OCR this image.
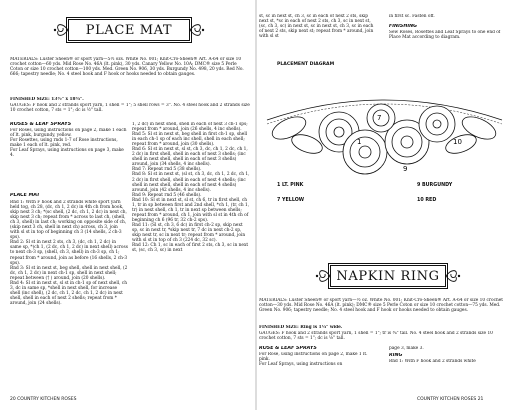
PLACE MAT
MATERIALS: Luster Sheen® or sport yarn—5½ ozs. White No. 001; Knit-Cro-Sheen® Art. A-64 or size 10 crochet cotton—60 yds. Mid Rose No. 46A (lt. pink), 30 yds. Canary Yellow No. 10A; DMC® size 5 Perle Coton or size 10 crochet cotton—100 yds. Med. Green No. 906, 30 yds. Burgundy No. 498, 20 yds. Red No. 666; tapestry needle; No. 4 steel hook and F hook or hooks needed to obtain gauges.
FINISHED SIZE: 13½" x 18¾".
GAUGES: F hook and 2 strands sport yarn, 1 shell = 1"; 5 shell rows = 3". No. 4 steel hook and 2 strands size 10 crochet cotton, 7 sts = 1"; dc is ½" tall.
ROSES & LEAF SPRAYS
For Roses, using instructions on page 2, make 1 each of lt. pink, burgundy, yellow.
For Rosettes, using rnds 1-7 of Rose instructions, make 1 each of lt. pink, red.
For Leaf Sprays, using instructions on page 3, make 4.
PLACE MAT
Rnd 1: With F hook and 2 strands white sport yarn held tog, ch 28, (dc, ch 1, 2 dc) in 4th ch from hook, skip next 3 ch; *(sc shell, (2 dc, ch 1, 2 dc) in next ch, skip next 3 ch; repeat from * across to last ch, (shell, ch 3, shell) in last ch; working on opposite side of ch, (skip next 3 ch, shell in next ch) across, ch 3, join with sl st in top of beginning ch 3 (14 shells, 2 ch-3 sps).
Rnd 2: Sl st in next 2 sts, ch 3, (dc, ch 1, 2 dc) in same sp, *(ch 1, (2 dc, ch 1, 2 dc) in next shell) across to next ch-3 sp, (shell, ch 3, shell) in ch-3 sp, ch 1; repeat from * around, join as before (16 shells, 2 ch-3 sps).
Rnd 3: Sl st in next st, beg shell, shell in next shell, (2 dc, ch 1, 2 dc) in next ch-1 sp, shell in next shell; repeat between († ) around, join (20 shells).
Rnd 4: Sl st in next st, sl st in ch-1 sp of next shell, ch 3, dc in same sp, *shell in next shell, for increase shell (inc shell), (2 dc, ch 1, 2 dc, ch 1, 2 dc) in next shell, shell in each of next 2 shells; repeat from * around, join (24 shells).
1, 2 dc) in next shell, shell in each of next 3 ch-1 sps; repeat from * around, join (26 shells, 4 inc shells).
Rnd 5: Sl st in next st, beg shell in first ch-1 sp, shell in each ch-1 sp of each inc shell, shell in each shell; repeat from * around, join (30 shells).
Rnd 6: Sl st in next st, sl st, ch 3, dc, ch 1, 2 dc, ch 1, 2 dc) in first shell, shell in each of next 3 shells; (inc shell in next shell, shell in each of next 3 shells) around, join (34 shells, 4 inc shells).
Rnd 7: Repeat rnd 5 (38 shells).
Rnd 8: Sl st in next st, (sl st, ch 3, dc, ch 1, 2 dc, ch 1, 2 dc) in first shell, shell in each of next 4 shells; (inc shell in next shell, shell in each of next 4 shells) around, join (42 shells, 4 inc shells).
Rnd 9: Repeat rnd 5 (46 shells).
Rnd 10: Sl st in next st, sl st, ch 6, tr in first shell, ch 1, tr in sp between first and 2nd shell, *ch 1, (tr, ch 1, tr) in next shell, ch 1, tr in next sp between shells; repeat from * around, ch 1, join with sl st in 4th ch of beginning ch 6 (96 tr, 32 ch-2 sps).
Rnd 11: (Sl st, ch 3, 6 dc) in first ch-2 sp, skip next sp, sc in next tr, *skip next tr, 7 dc in next ch-2 sp, skip next tr, sc in next tr; repeat from * around, join with sl st in top of ch 3 (224 dc, 32 sc).
Rnd 12: Ch 1, sc in each of first 2 sts, ch 3, sc in next st, (sc, ch 3, sc) in next
20 COUNTRY KITCHEN ROSES
st, sc in next st, ch 3, sc in each of next 2 sts, skip next st, *sc in each of next 2 sts, ch 3, sc in next st, (sc, ch 3, sc) in next st, sc in next st, ch 3, sc in each of next 2 sts, skip next st; repeat from * around, join with sl st
in first sc. Fasten off.
FINISHING
Sew Roses, Rosettes and Leaf Sprays to one end of Place Mat according to diagram.
PLACEMENT DIAGRAM
1
7
9
10
1 LT. PINK	9 BURGUNDY
7 YELLOW	10 RED
NAPKIN RING
MATERIALS: Luster Sheen® or sport yarn—½ oz. White No. 001; Knit-Cro-Sheen® Art. A-64 or size 10 crochet cotton—30 yds. Mid Rose No. 46A (lt. pink); DMC® size 5 Perle Coton or size 10 crochet cotton—75 yds. Med. Green No. 906; tapestry needle; No. 4 steel hook and F hook or hooks needed to obtain gauges.
FINISHED SIZE: Ring is 1¼" wide.
GAUGES: F hook and 2 strands sport yarn, 1 shell = 1"; tr is ¾" tall. No. 4 steel hook and 2 strands size 10 crochet cotton, 7 sts = 1"; dc is ⅛" tall.
ROSE & LEAF SPRAYS
For Rose, using instructions on page 2, make 1 lt. pink.
For Leaf Sprays, using instructions on
page 3, make 3.
RING
Rnd 1: With F hook and 2 strands white
COUNTRY KITCHEN ROSES 21
